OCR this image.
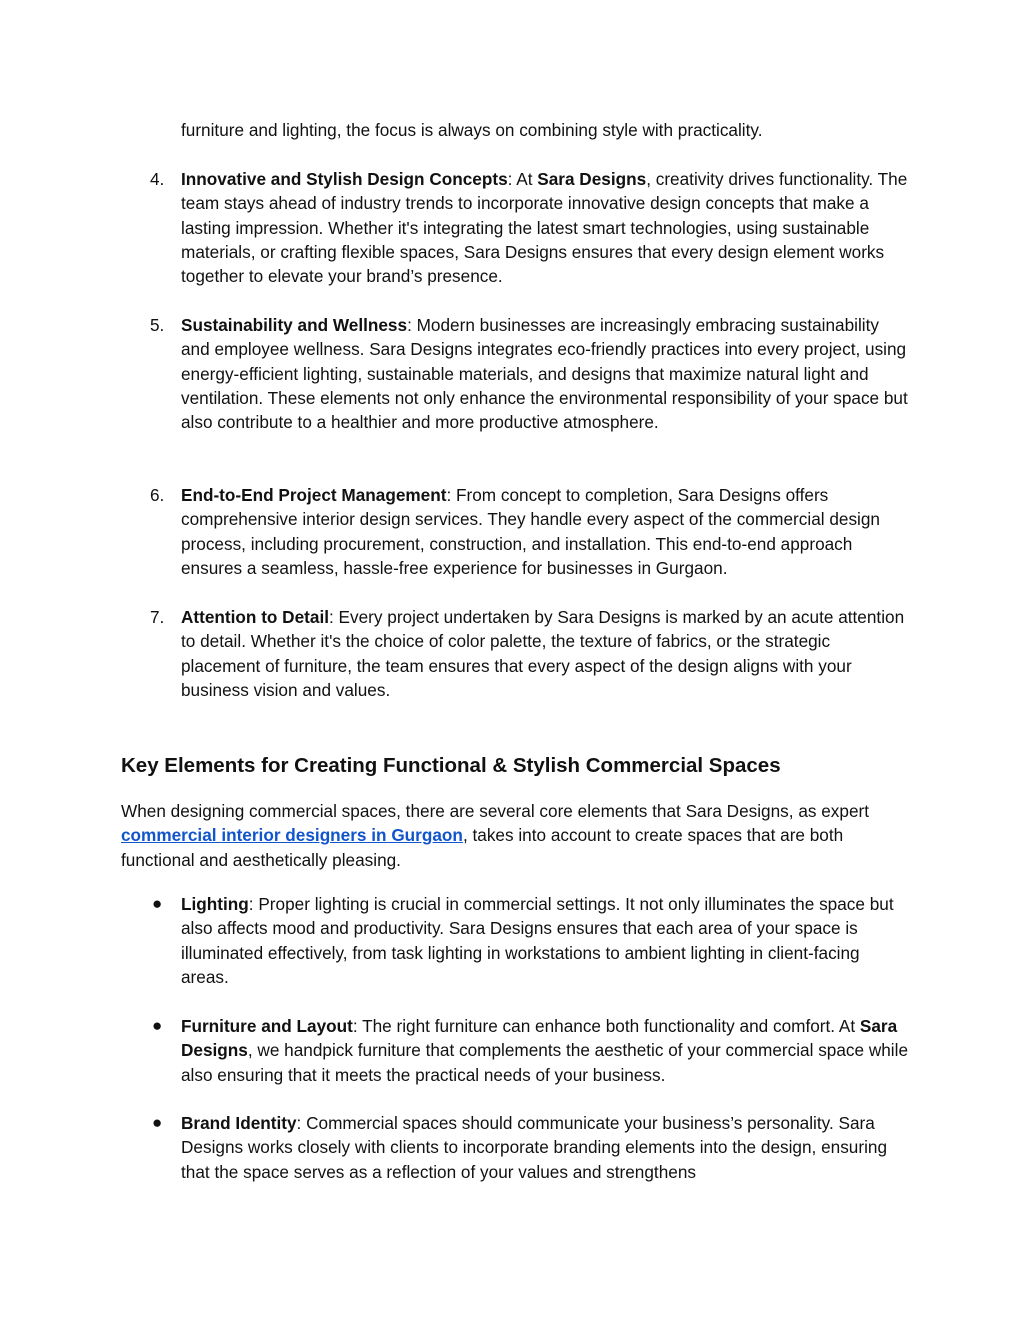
furniture and lighting, the focus is always on combining style with practicality.

4. Innovative and Stylish Design Concepts: At Sara Designs, creativity drives functionality. The team stays ahead of industry trends to incorporate innovative design concepts that make a lasting impression. Whether it's integrating the latest smart technologies, using sustainable materials, or crafting flexible spaces, Sara Designs ensures that every design element works together to elevate your brand’s presence.

5. Sustainability and Wellness: Modern businesses are increasingly embracing sustainability and employee wellness. Sara Designs integrates eco-friendly practices into every project, using energy-efficient lighting, sustainable materials, and designs that maximize natural light and ventilation. These elements not only enhance the environmental responsibility of your space but also contribute to a healthier and more productive atmosphere.

6. End-to-End Project Management: From concept to completion, Sara Designs offers comprehensive interior design services. They handle every aspect of the commercial design process, including procurement, construction, and installation. This end-to-end approach ensures a seamless, hassle-free experience for businesses in Gurgaon.

7. Attention to Detail: Every project undertaken by Sara Designs is marked by an acute attention to detail. Whether it's the choice of color palette, the texture of fabrics, or the strategic placement of furniture, the team ensures that every aspect of the design aligns with your business vision and values.

Key Elements for Creating Functional & Stylish Commercial Spaces

When designing commercial spaces, there are several core elements that Sara Designs, as expert commercial interior designers in Gurgaon, takes into account to create spaces that are both functional and aesthetically pleasing.

● Lighting: Proper lighting is crucial in commercial settings. It not only illuminates the space but also affects mood and productivity. Sara Designs ensures that each area of your space is illuminated effectively, from task lighting in workstations to ambient lighting in client-facing areas.

● Furniture and Layout: The right furniture can enhance both functionality and comfort. At Sara Designs, we handpick furniture that complements the aesthetic of your commercial space while also ensuring that it meets the practical needs of your business.

● Brand Identity: Commercial spaces should communicate your business’s personality. Sara Designs works closely with clients to incorporate branding elements into the design, ensuring that the space serves as a reflection of your values and strengthens
